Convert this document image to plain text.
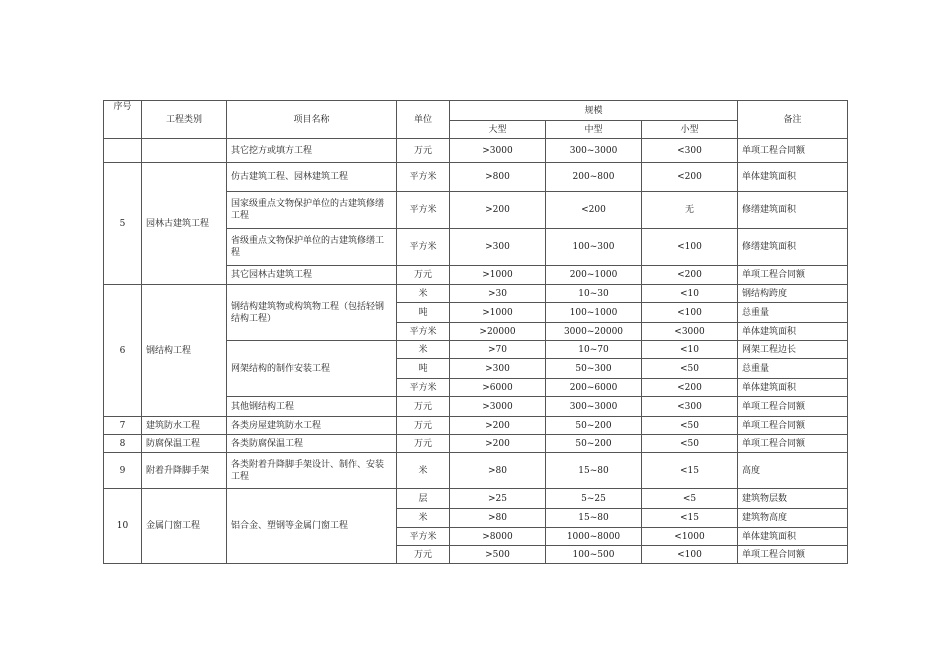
序号	工程类别	项目名称	单位	规模			备注
				大型	中型	小型	
		其它挖方或填方工程	万元	>3000	300~3000	<300	单项工程合同额
5	园林古建筑工程	仿古建筑工程、园林建筑工程	平方米	>800	200~800	<200	单体建筑面积
		国家级重点文物保护单位的古建筑修缮工程	平方米	>200	<200	无	修缮建筑面积
		省级重点文物保护单位的古建筑修缮工程	平方米	>300	100~300	<100	修缮建筑面积
		其它园林古建筑工程	万元	>1000	200~1000	<200	单项工程合同额
6	钢结构工程	钢结构建筑物或构筑物工程（包括轻钢结构工程）	米	>30	10~30	<10	钢结构跨度
			吨	>1000	100~1000	<100	总重量
			平方米	>20000	3000~20000	<3000	单体建筑面积
		网架结构的制作安装工程	米	>70	10~70	<10	网架工程边长
			吨	>300	50~300	<50	总重量
			平方米	>6000	200~6000	<200	单体建筑面积
		其他钢结构工程	万元	>3000	300~3000	<300	单项工程合同额
7	建筑防水工程	各类房屋建筑防水工程	万元	>200	50~200	<50	单项工程合同额
8	防腐保温工程	各类防腐保温工程	万元	>200	50~200	<50	单项工程合同额
9	附着升降脚手架	各类附着升降脚手架设计、制作、安装工程	米	>80	15~80	<15	高度
10	金属门窗工程	铝合金、塑钢等金属门窗工程	层	>25	5~25	<5	建筑物层数
			米	>80	15~80	<15	建筑物高度
			平方米	>8000	1000~8000	<1000	单体建筑面积
			万元	>500	100~500	<100	单项工程合同额
